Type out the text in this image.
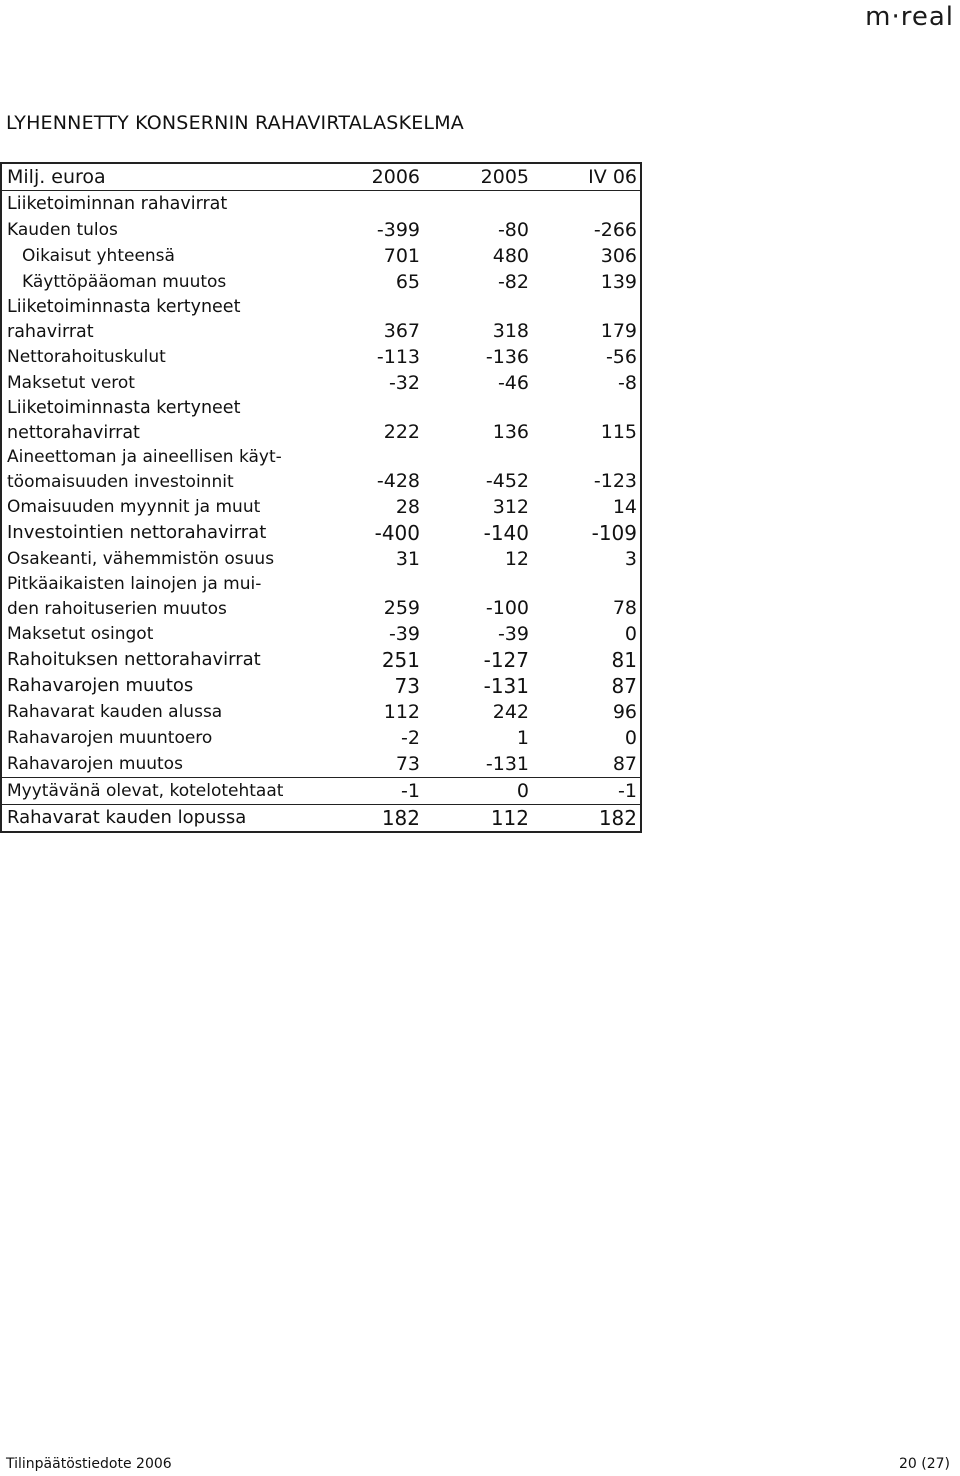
m·real
LYHENNETTY KONSERNIN RAHAVIRTALASKELMA
Milj. euroa	2006	2005	IV 06
Liiketoiminnan rahavirrat			
Kauden tulos	-399	-80	-266
Oikaisut yhteensä	701	480	306
Käyttöpääoman muutos	65	-82	139
Liiketoiminnasta kertyneet
rahavirrat	367	318	179
Nettorahoituskulut	-113	-136	-56
Maksetut verot	-32	-46	-8
Liiketoiminnasta kertyneet
nettorahavirrat	222	136	115
Aineettoman ja aineellisen käyt-
töomaisuuden investoinnit	-428	-452	-123
Omaisuuden myynnit ja muut	28	312	14
Investointien nettorahavirrat	-400	-140	-109
Osakeanti, vähemmistön osuus	31	12	3
Pitkäaikaisten lainojen ja mui-
den rahoituserien muutos	259	-100	78
Maksetut osingot	-39	-39	0
Rahoituksen nettorahavirrat	251	-127	81
Rahavarojen muutos	73	-131	87
Rahavarat kauden alussa	112	242	96
Rahavarojen muuntoero	-2	1	0
Rahavarojen muutos	73	-131	87
Myytävänä olevat, kotelotehtaat	-1	0	-1
Rahavarat kauden lopussa	182	112	182
Tilinpäätöstiedote 2006	20 (27)
